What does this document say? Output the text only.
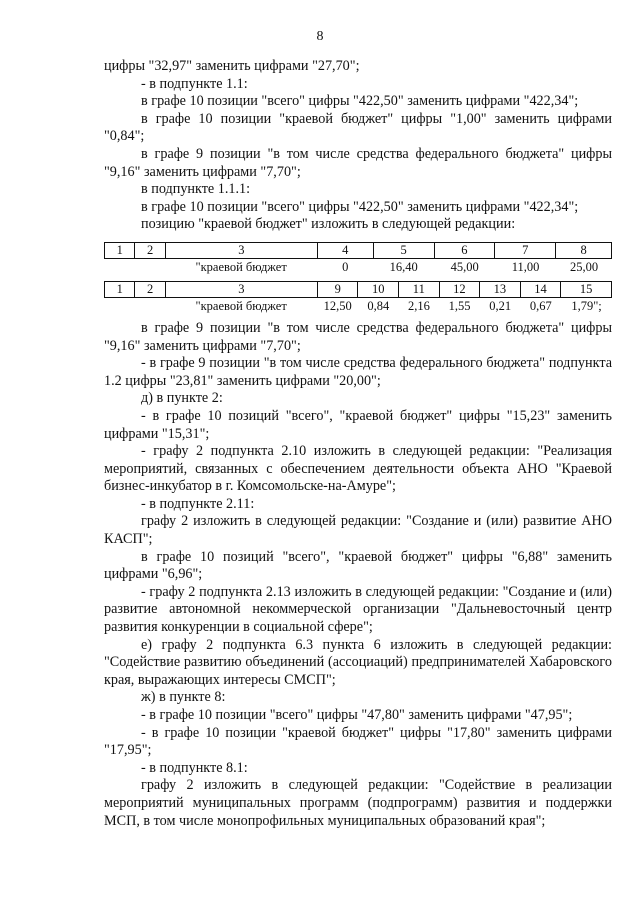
8

цифры "32,97" заменить цифрами "27,70";

- в подпункте 1.1:

в графе 10 позиции "всего" цифры "422,50" заменить цифрами "422,34";

в графе 10 позиции "краевой бюджет" цифры "1,00" заменить цифрами "0,84";

в графе 9 позиции "в том числе средства федерального бюджета" цифры "9,16" заменить цифрами "7,70";

в подпункте 1.1.1:

в графе 10 позиции "всего" цифры "422,50" заменить цифрами "422,34";

позицию "краевой бюджет" изложить в следующей редакции:

1	2	3	4	5	6	7	8
		"краевой бюджет	0	16,40	45,00	11,00	25,00
1	2	3	9	10	11	12	13	14	15
		"краевой бюджет	12,50	0,84	2,16	1,55	0,21	0,67	1,79";

в графе 9 позиции "в том числе средства федерального бюджета" цифры "9,16" заменить цифрами "7,70";

- в графе 9 позиции "в том числе средства федерального бюджета" подпункта 1.2 цифры "23,81" заменить цифрами "20,00";

д) в пункте 2:

- в графе 10 позиций "всего", "краевой бюджет" цифры "15,23" заменить цифрами "15,31";

- графу 2 подпункта 2.10 изложить в следующей редакции: "Реализация мероприятий, связанных с обеспечением деятельности объекта АНО "Краевой бизнес-инкубатор в г. Комсомольске-на-Амуре";

- в подпункте 2.11:

графу 2 изложить в следующей редакции: "Создание и (или) развитие АНО КАСП";

в графе 10 позиций "всего", "краевой бюджет" цифры "6,88" заменить цифрами "6,96";

- графу 2 подпункта 2.13 изложить в следующей редакции: "Создание и (или) развитие автономной некоммерческой организации "Дальневосточный центр развития конкуренции в социальной сфере";

е) графу 2 подпункта 6.3 пункта 6 изложить в следующей редакции: "Содействие развитию объединений (ассоциаций) предпринимателей Хабаровского края, выражающих интересы СМСП";

ж) в пункте 8:

- в графе 10 позиции "всего" цифры "47,80" заменить цифрами "47,95";

- в графе 10 позиции "краевой бюджет" цифры "17,80" заменить цифрами "17,95";

- в подпункте 8.1:

графу 2 изложить в следующей редакции: "Содействие в реализации мероприятий муниципальных программ (подпрограмм) развития и поддержки МСП, в том числе монопрофильных муниципальных образований края";
